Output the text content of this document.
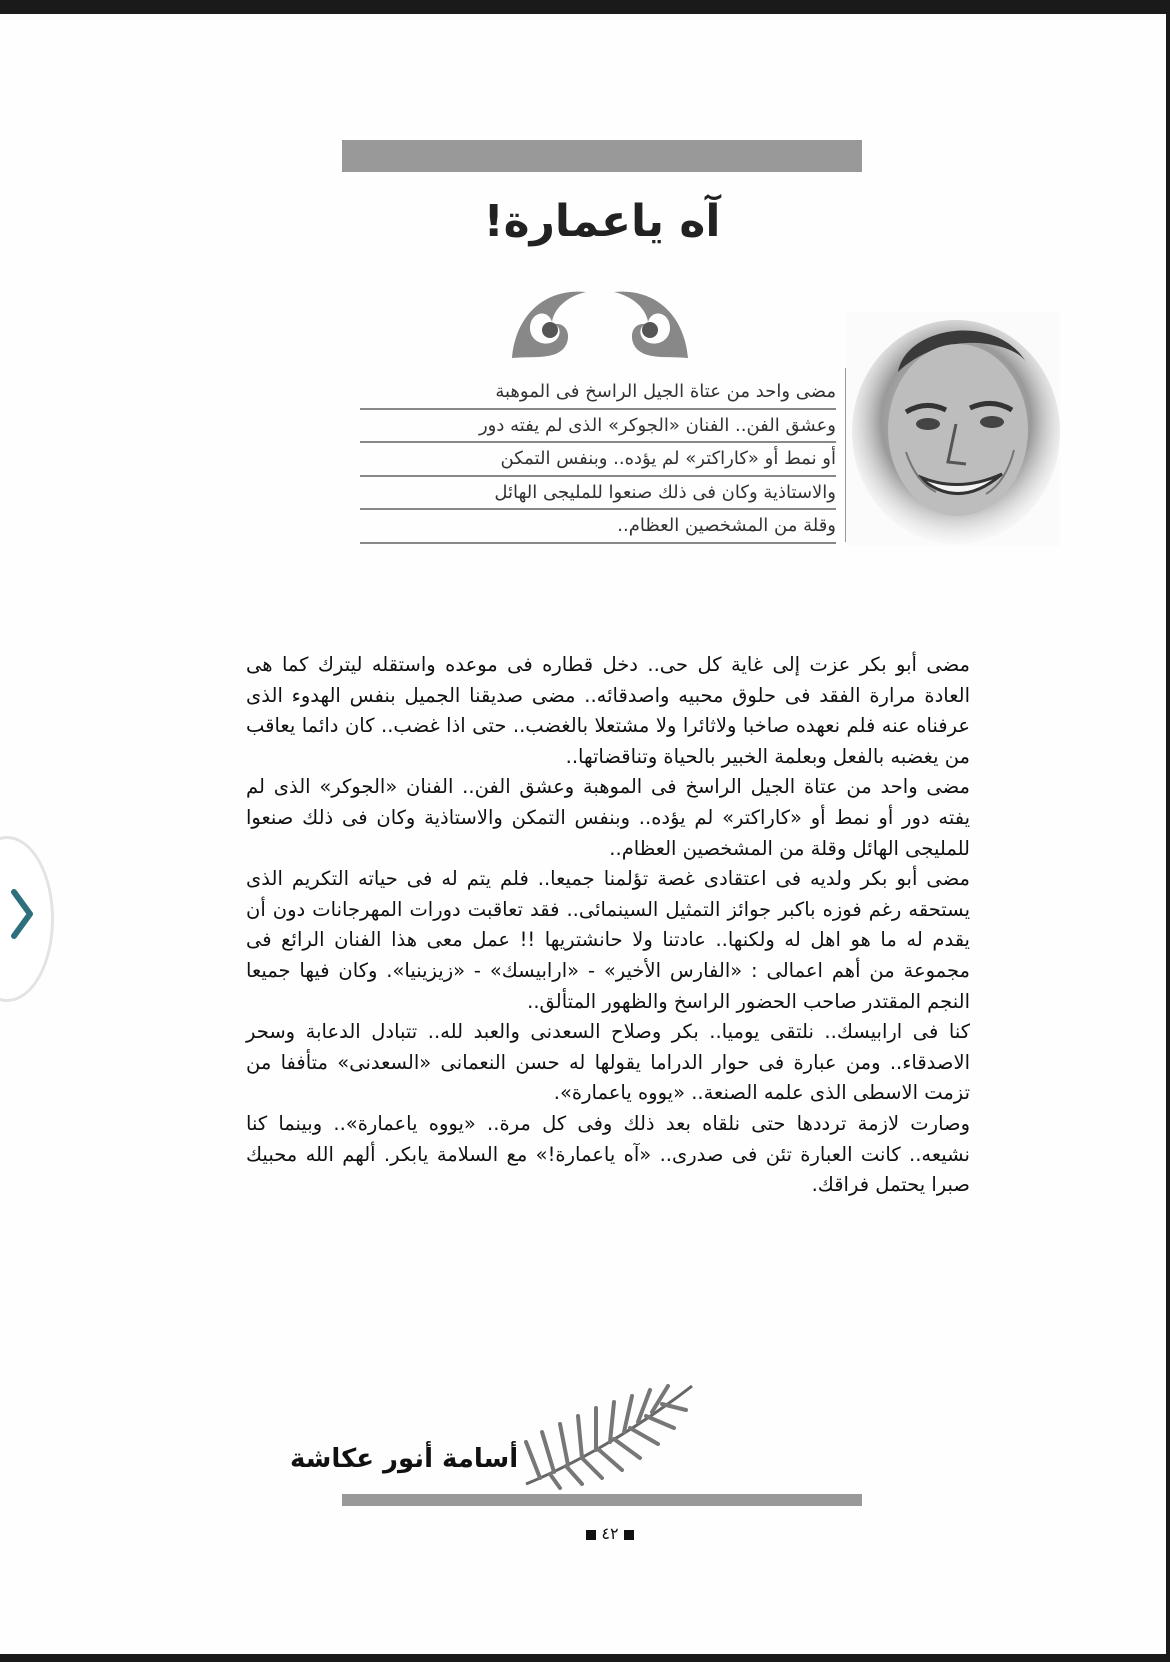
آه ياعمارة!
مضى واحد من عتاة الجيل الراسخ فى الموهبة
وعشق الفن.. الفنان «الجوكر» الذى لم يفته دور
أو نمط أو «كاراكتر» لم يؤده.. وبنفس التمكن
والاستاذية وكان فى ذلك صنعوا للمليجى الهائل
وقلة من المشخصين العظام..

مضى أبو بكر عزت إلى غاية كل حى.. دخل قطاره فى موعده واستقله ليترك كما هى العادة مرارة الفقد فى حلوق محبيه واصدقائه.. مضى صديقنا الجميل بنفس الهدوء الذى عرفناه عنه فلم نعهده صاخبا ولاثائرا ولا مشتعلا بالغضب.. حتى اذا غضب.. كان دائما يعاقب من يغضبه بالفعل وبعلمة الخبير بالحياة وتناقضاتها..

مضى واحد من عتاة الجيل الراسخ فى الموهبة وعشق الفن.. الفنان «الجوكر» الذى لم يفته دور أو نمط أو «كاراكتر» لم يؤده.. وبنفس التمكن والاستاذية وكان فى ذلك صنعوا للمليجى الهائل وقلة من المشخصين العظام..

مضى أبو بكر ولديه فى اعتقادى غصة تؤلمنا جميعا.. فلم يتم له فى حياته التكريم الذى يستحقه رغم فوزه باكبر جوائز التمثيل السينمائى.. فقد تعاقبت دورات المهرجانات دون أن يقدم له ما هو اهل له ولكنها.. عادتنا ولا حانشتريها !! عمل معى هذا الفنان الرائع فى مجموعة من أهم اعمالى : «الفارس الأخير» - «ارابيسك» - «زيزينيا». وكان فيها جميعا النجم المقتدر صاحب الحضور الراسخ والظهور المتألق..

كنا فى ارابيسك.. نلتقى يوميا.. بكر وصلاح السعدنى والعبد لله.. تتبادل الدعابة وسحر الاصدقاء.. ومن عبارة فى حوار الدراما يقولها له حسن النعمانى «السعدنى» متأففا من تزمت الاسطى الذى علمه الصنعة.. «يووه ياعمارة».

وصارت لازمة ترددها حتى نلقاه بعد ذلك وفى كل مرة.. «يووه ياعمارة».. وبينما كنا نشيعه.. كانت العبارة تئن فى صدرى.. «آه ياعمارة!» مع السلامة يابكر. ألهم الله محبيك صبرا يحتمل فراقك.

أسامة أنور عكاشة
٤٢
